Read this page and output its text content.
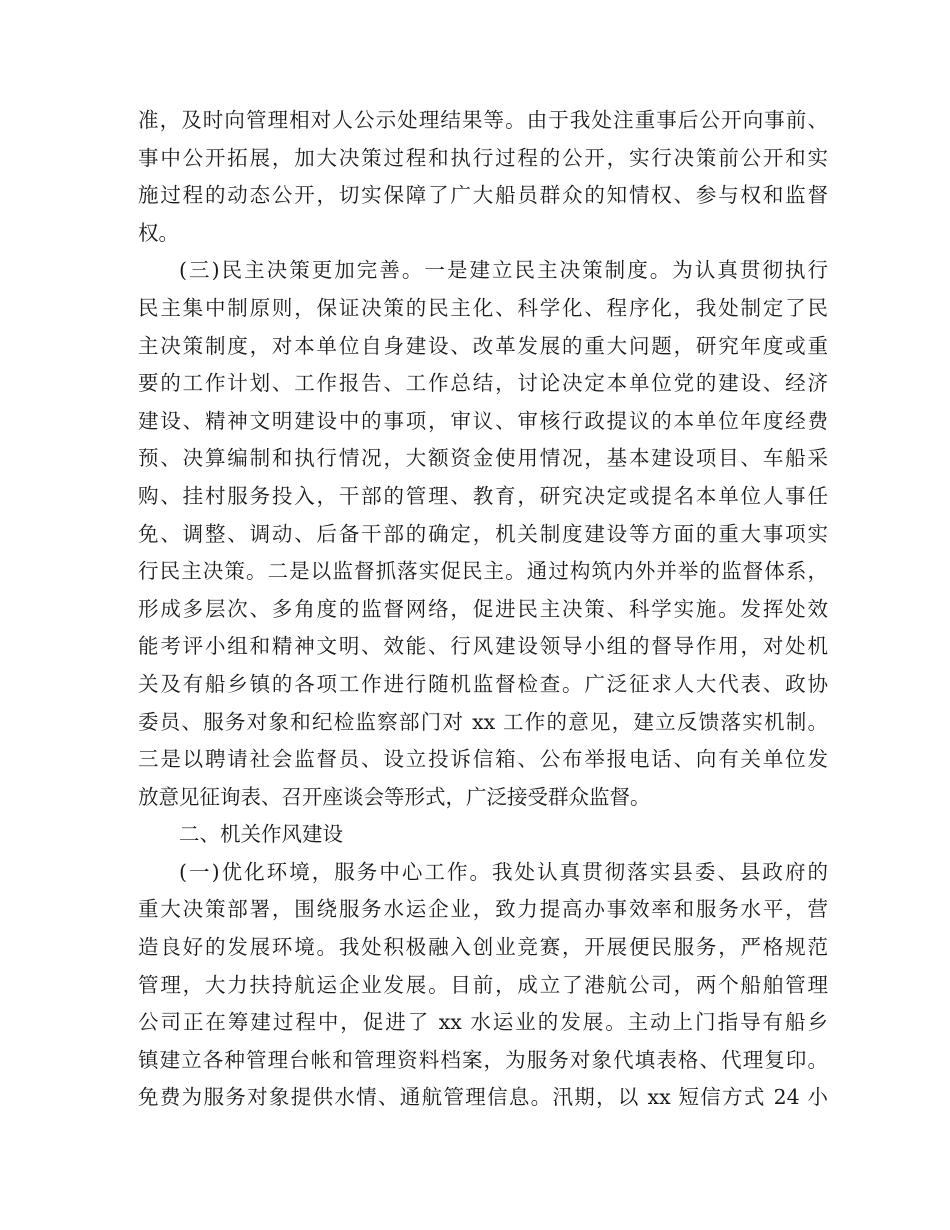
准，及时向管理相对人公示处理结果等。由于我处注重事后公开向事前、
事中公开拓展，加大决策过程和执行过程的公开，实行决策前公开和实
施过程的动态公开，切实保障了广大船员群众的知情权、参与权和监督
权。
(三)民主决策更加完善。一是建立民主决策制度。为认真贯彻执行
民主集中制原则，保证决策的民主化、科学化、程序化，我处制定了民
主决策制度，对本单位自身建设、改革发展的重大问题，研究年度或重
要的工作计划、工作报告、工作总结，讨论决定本单位党的建设、经济
建设、精神文明建设中的事项，审议、审核行政提议的本单位年度经费
预、决算编制和执行情况，大额资金使用情况，基本建设项目、车船采
购、挂村服务投入，干部的管理、教育，研究决定或提名本单位人事任
免、调整、调动、后备干部的确定，机关制度建设等方面的重大事项实
行民主决策。二是以监督抓落实促民主。通过构筑内外并举的监督体系，
形成多层次、多角度的监督网络，促进民主决策、科学实施。发挥处效
能考评小组和精神文明、效能、行风建设领导小组的督导作用，对处机
关及有船乡镇的各项工作进行随机监督检查。广泛征求人大代表、政协
委员、服务对象和纪检监察部门对 xx 工作的意见，建立反馈落实机制。
三是以聘请社会监督员、设立投诉信箱、公布举报电话、向有关单位发
放意见征询表、召开座谈会等形式，广泛接受群众监督。
二、机关作风建设
(一)优化环境，服务中心工作。我处认真贯彻落实县委、县政府的
重大决策部署，围绕服务水运企业，致力提高办事效率和服务水平，营
造良好的发展环境。我处积极融入创业竞赛，开展便民服务，严格规范
管理，大力扶持航运企业发展。目前，成立了港航公司，两个船舶管理
公司正在筹建过程中，促进了 xx 水运业的发展。主动上门指导有船乡
镇建立各种管理台帐和管理资料档案，为服务对象代填表格、代理复印。
免费为服务对象提供水情、通航管理信息。汛期，以 xx 短信方式 24 小
